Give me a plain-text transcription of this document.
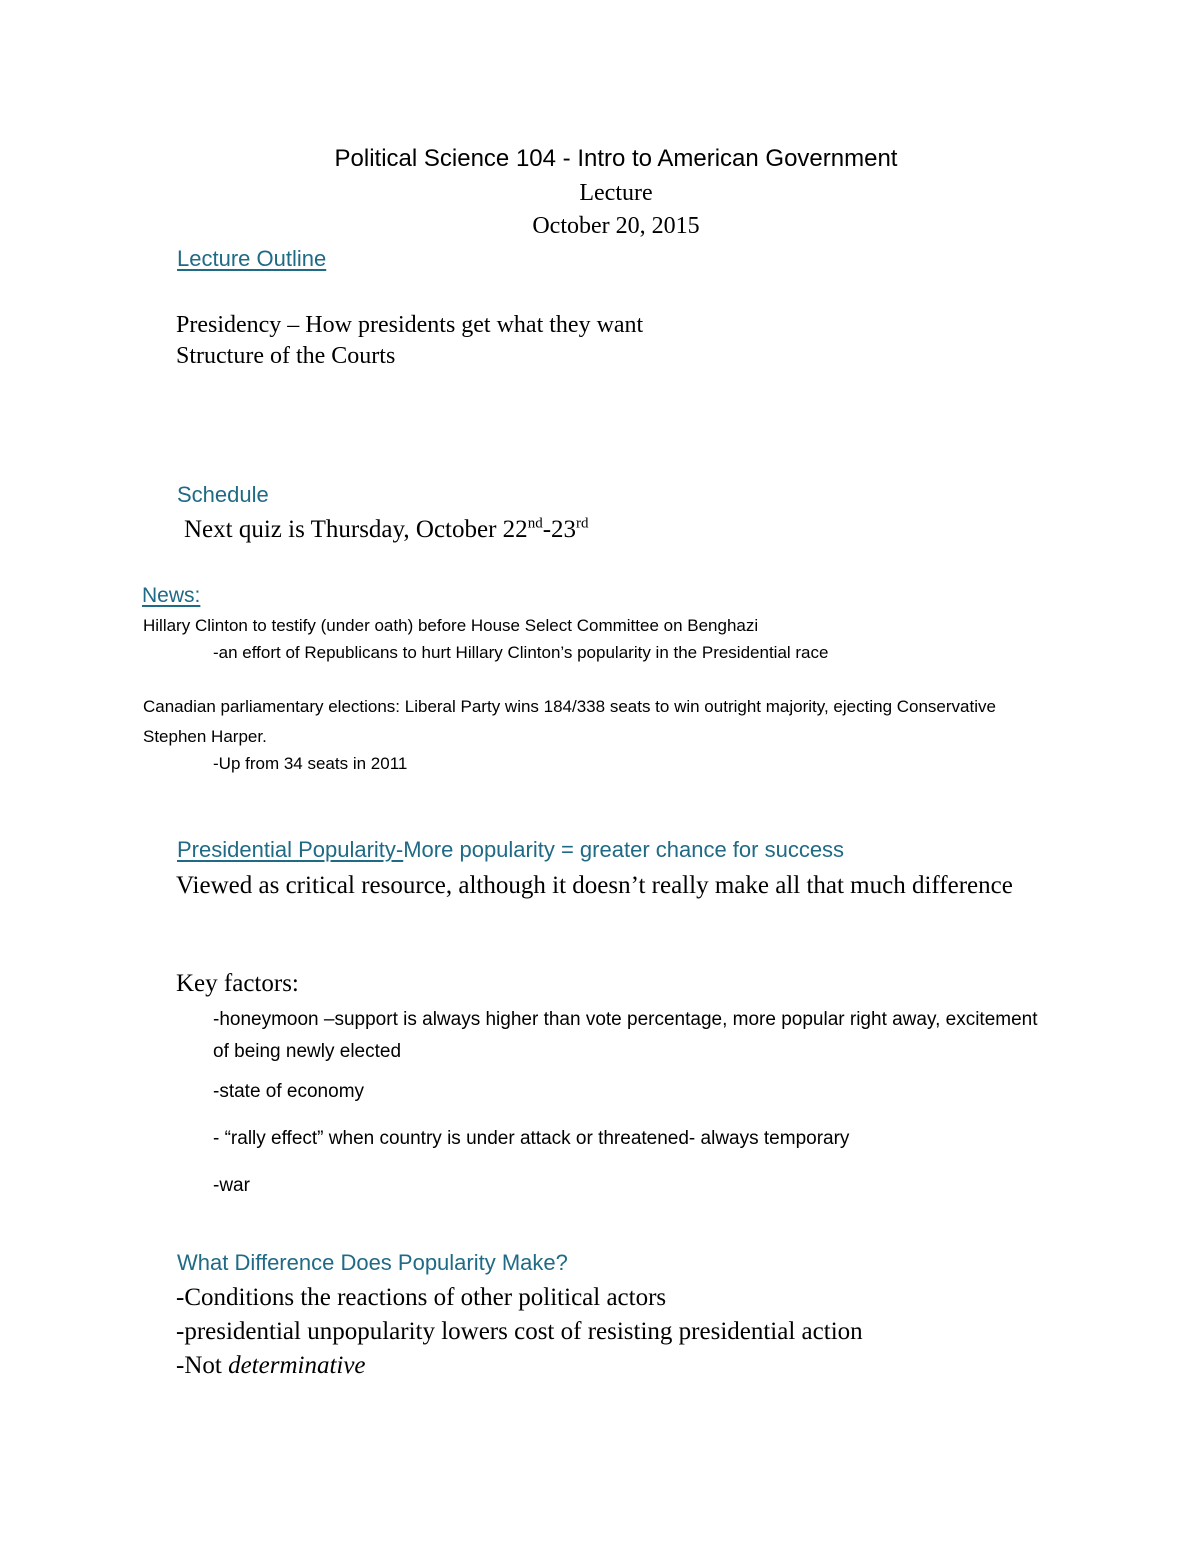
Political Science 104 - Intro to American Government
Lecture
October 20, 2015
Lecture Outline
Presidency – How presidents get what they want
Structure of the Courts
Schedule
Next quiz is Thursday, October 22nd-23rd
News:
Hillary Clinton to testify (under oath) before House Select Committee on Benghazi
-an effort of Republicans to hurt Hillary Clinton’s popularity in the Presidential race
Canadian parliamentary elections: Liberal Party wins 184/338 seats to win outright majority, ejecting Conservative Stephen Harper.
-Up from 34 seats in 2011
Presidential Popularity-More popularity = greater chance for success
Viewed as critical resource, although it doesn’t really make all that much difference
Key factors:
-honeymoon –support is always higher than vote percentage, more popular right away, excitement of being newly elected
-state of economy
- “rally effect” when country is under attack or threatened- always temporary
-war
What Difference Does Popularity Make?
-Conditions the reactions of other political actors
-presidential unpopularity lowers cost of resisting presidential action
-Not determinative
